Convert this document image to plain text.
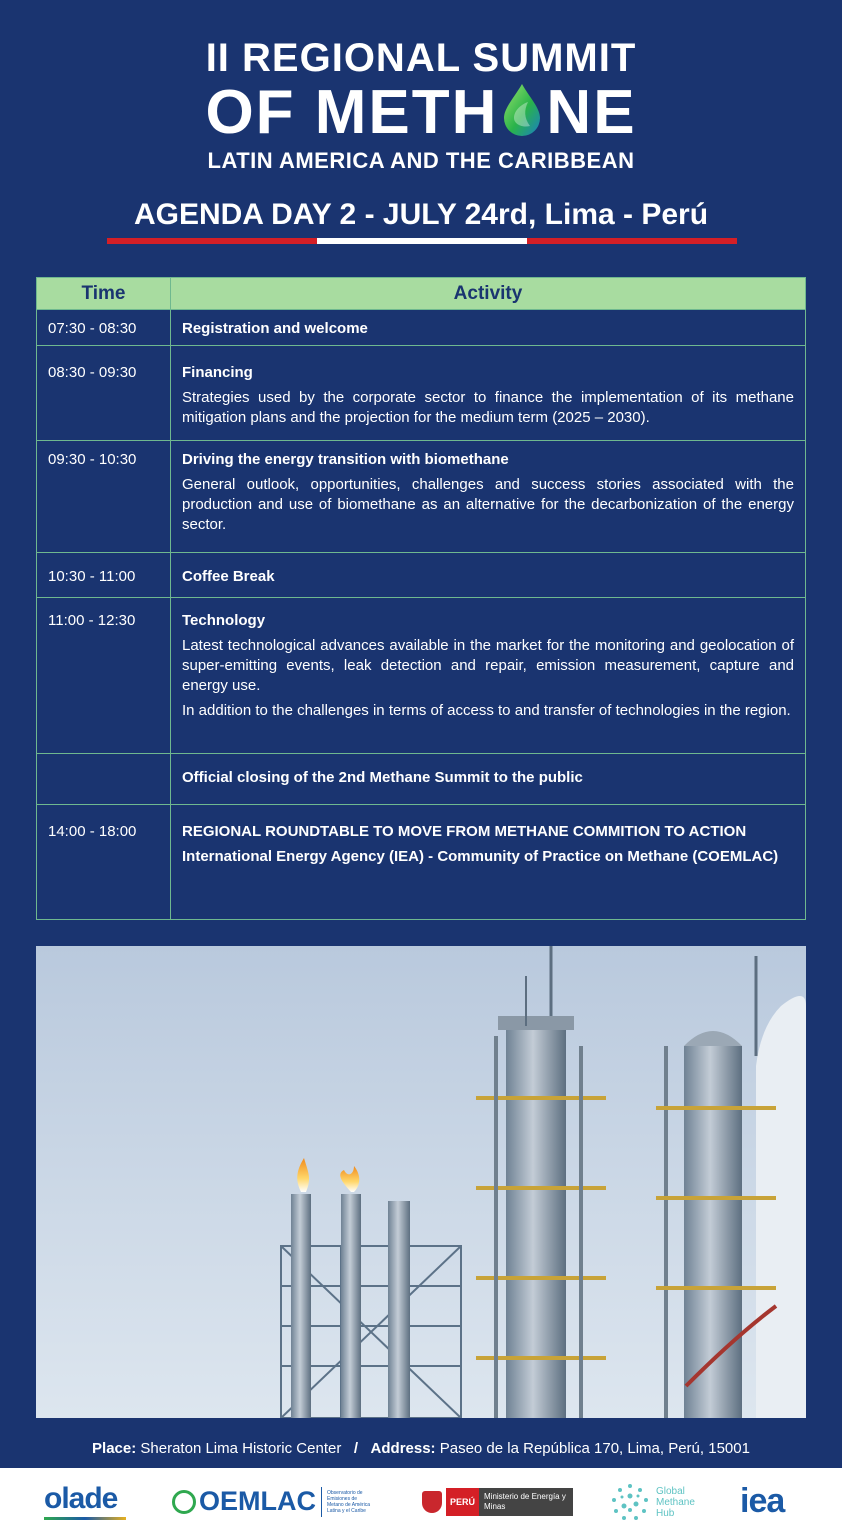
II REGIONAL SUMMIT
OF METH NE
LATIN AMERICA AND THE CARIBBEAN
AGENDA DAY 2 - JULY 24rd, Lima - Perú
Time	Activity
07:30 - 08:30	Registration and welcome

08:30 - 09:30	Financing
Strategies used by the corporate sector to finance the implementation of its methane mitigation plans and the projection for the medium term (2025 – 2030).

09:30 - 10:30	Driving the energy transition with biomethane
General outlook, opportunities, challenges and success stories associated with the production and use of biomethane as an alternative for the decarbonization of the energy sector.

10:30 - 11:00	Coffee Break

11:00 - 12:30	Technology
Latest technological advances available in the market for the monitoring and geolocation of super-emitting events, leak detection and repair, emission measurement, capture and energy use.
In addition to the challenges in terms of access to and transfer of technologies in the region.

	Official closing of the 2nd Methane Summit to the public

14:00 - 18:00	REGIONAL ROUNDTABLE TO MOVE FROM METHANE COMMITION TO ACTION
International Energy Agency (IEA) - Community of Practice on Methane (COEMLAC)
Place: Sheraton Lima Historic Center / Address: Paseo de la República 170, Lima, Perú, 15001
olade	OEMLAC Observatorio de Emisiones de Metano de América Latina y el Caribe
PERÚ
Ministerio de Energía y Minas
Global Methane Hub	iea
